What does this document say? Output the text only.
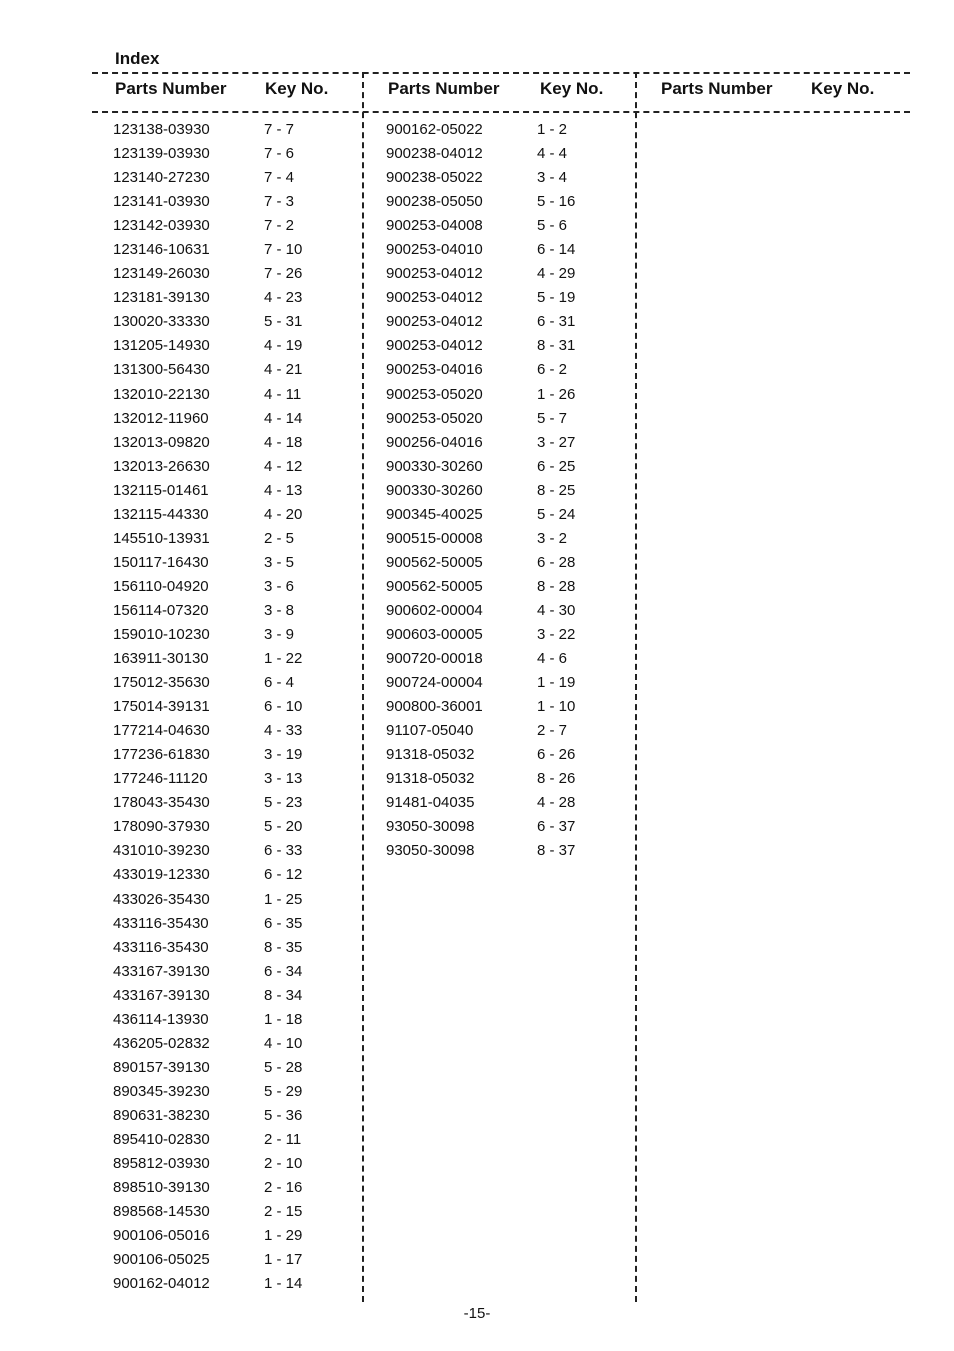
Index
Parts Number Key No.	Parts Number Key No.	Parts Number Key No.
123138-03930	7 - 7
123139-03930	7 - 6
123140-27230	7 - 4
123141-03930	7 - 3
123142-03930	7 - 2
123146-10631	7 - 10
123149-26030	7 - 26
123181-39130	4 - 23
130020-33330	5 - 31
131205-14930	4 - 19
131300-56430	4 - 21
132010-22130	4 - 11
132012-11960	4 - 14
132013-09820	4 - 18
132013-26630	4 - 12
132115-01461	4 - 13
132115-44330	4 - 20
145510-13931	2 - 5
150117-16430	3 - 5
156110-04920	3 - 6
156114-07320	3 - 8
159010-10230	3 - 9
163911-30130	1 - 22
175012-35630	6 - 4
175014-39131	6 - 10
177214-04630	4 - 33
177236-61830	3 - 19
177246-11120	3 - 13
178043-35430	5 - 23
178090-37930	5 - 20
431010-39230	6 - 33
433019-12330	6 - 12
433026-35430	1 - 25
433116-35430	6 - 35
433116-35430	8 - 35
433167-39130	6 - 34
433167-39130	8 - 34
436114-13930	1 - 18
436205-02832	4 - 10
890157-39130	5 - 28
890345-39230	5 - 29
890631-38230	5 - 36
895410-02830	2 - 11
895812-03930	2 - 10
898510-39130	2 - 16
898568-14530	2 - 15
900106-05016	1 - 29
900106-05025	1 - 17
900162-04012	1 - 14
900162-05022	1 - 2
900238-04012	4 - 4
900238-05022	3 - 4
900238-05050	5 - 16
900253-04008	5 - 6
900253-04010	6 - 14
900253-04012	4 - 29
900253-04012	5 - 19
900253-04012	6 - 31
900253-04012	8 - 31
900253-04016	6 - 2
900253-05020	1 - 26
900253-05020	5 - 7
900256-04016	3 - 27
900330-30260	6 - 25
900330-30260	8 - 25
900345-40025	5 - 24
900515-00008	3 - 2
900562-50005	6 - 28
900562-50005	8 - 28
900602-00004	4 - 30
900603-00005	3 - 22
900720-00018	4 - 6
900724-00004	1 - 19
900800-36001	1 - 10
91107-05040	2 - 7
91318-05032	6 - 26
91318-05032	8 - 26
91481-04035	4 - 28
93050-30098	6 - 37
93050-30098	8 - 37
-15-
